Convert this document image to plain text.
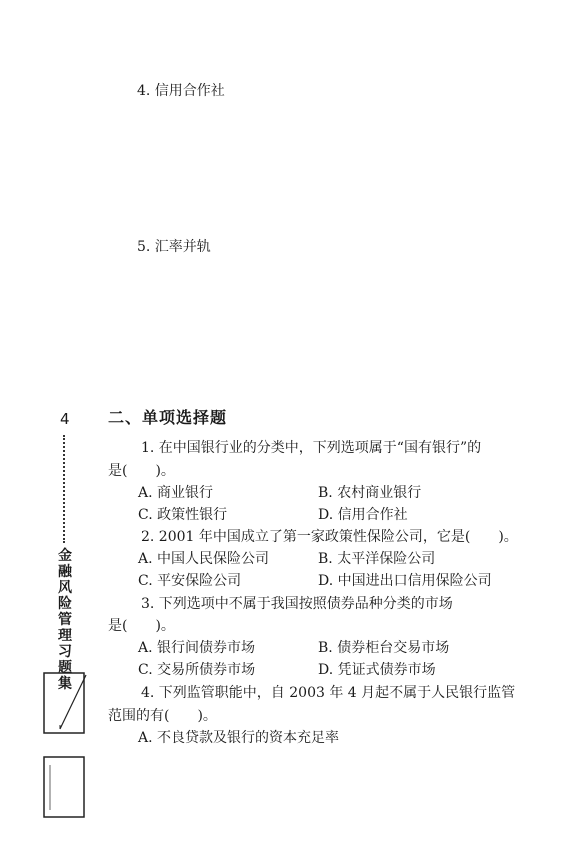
4. 信用合作社
5. 汇率并轨
4
金融风险管理习题集
二、单项选择题
1. 在中国银行业的分类中，下列选项属于“国有银行”的
是(　　)。
A. 商业银行	B. 农村商业银行
C. 政策性银行	D. 信用合作社
2. 2001 年中国成立了第一家政策性保险公司，它是(　　)。
A. 中国人民保险公司	B. 太平洋保险公司
C. 平安保险公司	D. 中国进出口信用保险公司
3. 下列选项中不属于我国按照债券品种分类的市场
是(　　)。
A. 银行间债券市场	B. 债券柜台交易市场
C. 交易所债券市场	D. 凭证式债券市场
4. 下列监管职能中，自 2003 年 4 月起不属于人民银行监管
范围的有(　　)。
A. 不良贷款及银行的资本充足率
